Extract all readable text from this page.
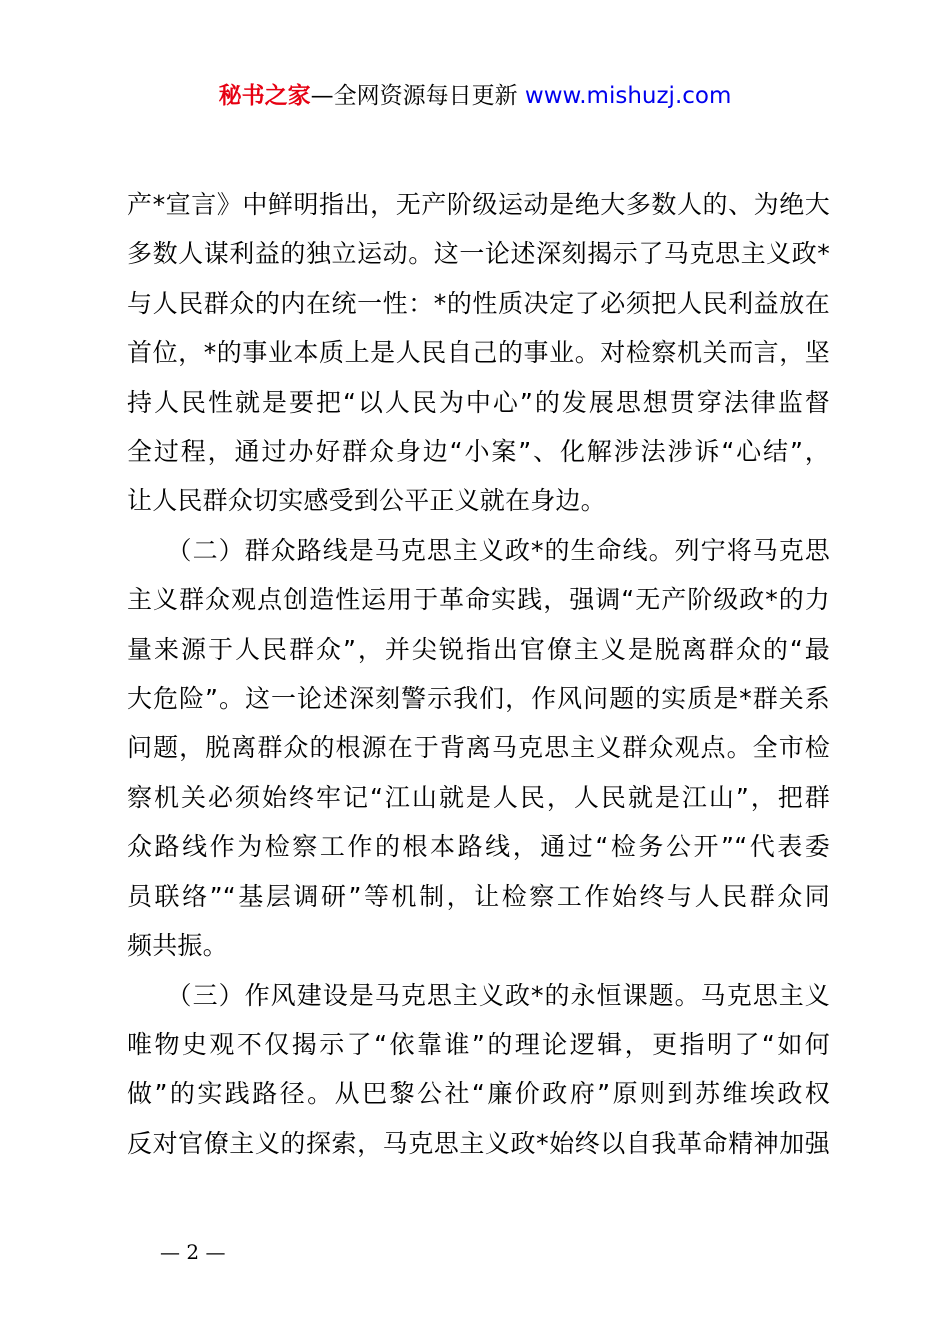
秘书之家—全网资源每日更新 www.mishuzj.com

产*宣言》中鲜明指出，无产阶级运动是绝大多数人的、为绝大
多数人谋利益的独立运动。这一论述深刻揭示了马克思主义政*
与人民群众的内在统一性：*的性质决定了必须把人民利益放在
首位，*的事业本质上是人民自己的事业。对检察机关而言，坚
持人民性就是要把“以人民为中心”的发展思想贯穿法律监督
全过程，通过办好群众身边“小案”、化解涉法涉诉“心结”，
让人民群众切实感受到公平正义就在身边。

　　（二）群众路线是马克思主义政*的生命线。列宁将马克思
主义群众观点创造性运用于革命实践，强调“无产阶级政*的力
量来源于人民群众”，并尖锐指出官僚主义是脱离群众的“最
大危险”。这一论述深刻警示我们，作风问题的实质是*群关系
问题，脱离群众的根源在于背离马克思主义群众观点。全市检
察机关必须始终牢记“江山就是人民，人民就是江山”，把群
众路线作为检察工作的根本路线，通过“检务公开”“代表委
员联络”“基层调研”等机制，让检察工作始终与人民群众同
频共振。

　　（三）作风建设是马克思主义政*的永恒课题。马克思主义
唯物史观不仅揭示了“依靠谁”的理论逻辑，更指明了“如何
做”的实践路径。从巴黎公社“廉价政府”原则到苏维埃政权
反对官僚主义的探索，马克思主义政*始终以自我革命精神加强

— 2 —
